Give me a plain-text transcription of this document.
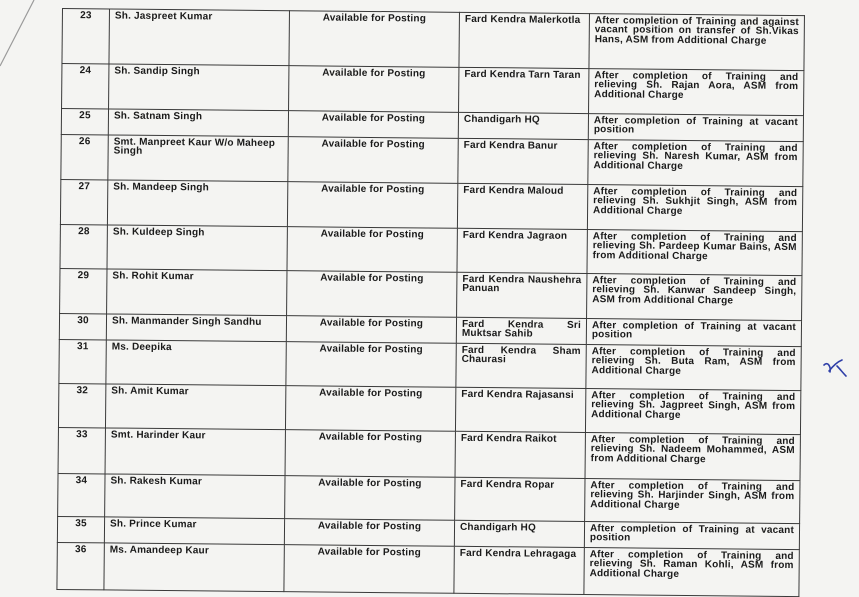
23	Sh. Jaspreet Kumar	Available for Posting	Fard Kendra Malerkotla	After completion of Training and against vacant position on transfer of Sh.Vikas Hans, ASM from Additional Charge
24	Sh. Sandip Singh	Available for Posting	Fard Kendra Tarn Taran	After completion of Training and relieving Sh. Rajan Aora, ASM from Additional Charge
25	Sh. Satnam Singh	Available for Posting	Chandigarh HQ	After completion of Training at vacant position
26	Smt. Manpreet Kaur W/o Maheep Singh	Available for Posting	Fard Kendra Banur	After completion of Training and relieving Sh. Naresh Kumar, ASM from Additional Charge
27	Sh. Mandeep Singh	Available for Posting	Fard Kendra Maloud	After completion of Training and relieving Sh. Sukhjit Singh, ASM from Additional Charge
28	Sh. Kuldeep Singh	Available for Posting	Fard Kendra Jagraon	After completion of Training and relieving Sh. Pardeep Kumar Bains, ASM from Additional Charge
29	Sh. Rohit Kumar	Available for Posting	Fard Kendra Naushehra Panuan	After completion of Training and relieving Sh. Kanwar Sandeep Singh, ASM from Additional Charge
30	Sh. Manmander Singh Sandhu	Available for Posting	Fard Kendra Sri Muktsar Sahib	After completion of Training at vacant position
31	Ms. Deepika	Available for Posting	Fard Kendra Sham Chaurasi	After completion of Training and relieving Sh. Buta Ram, ASM from Additional Charge
32	Sh. Amit Kumar	Available for Posting	Fard Kendra Rajasansi	After completion of Training and relieving Sh. Jagpreet Singh, ASM from Additional Charge
33	Smt. Harinder Kaur	Available for Posting	Fard Kendra Raikot	After completion of Training and relieving Sh. Nadeem Mohammed, ASM from Additional Charge
34	Sh. Rakesh Kumar	Available for Posting	Fard Kendra Ropar	After completion of Training and relieving Sh. Harjinder Singh, ASM from Additional Charge
35	Sh. Prince Kumar	Available for Posting	Chandigarh HQ	After completion of Training at vacant position
36	Ms. Amandeep Kaur	Available for Posting	Fard Kendra Lehragaga	After completion of Training and relieving Sh. Raman Kohli, ASM from Additional Charge
